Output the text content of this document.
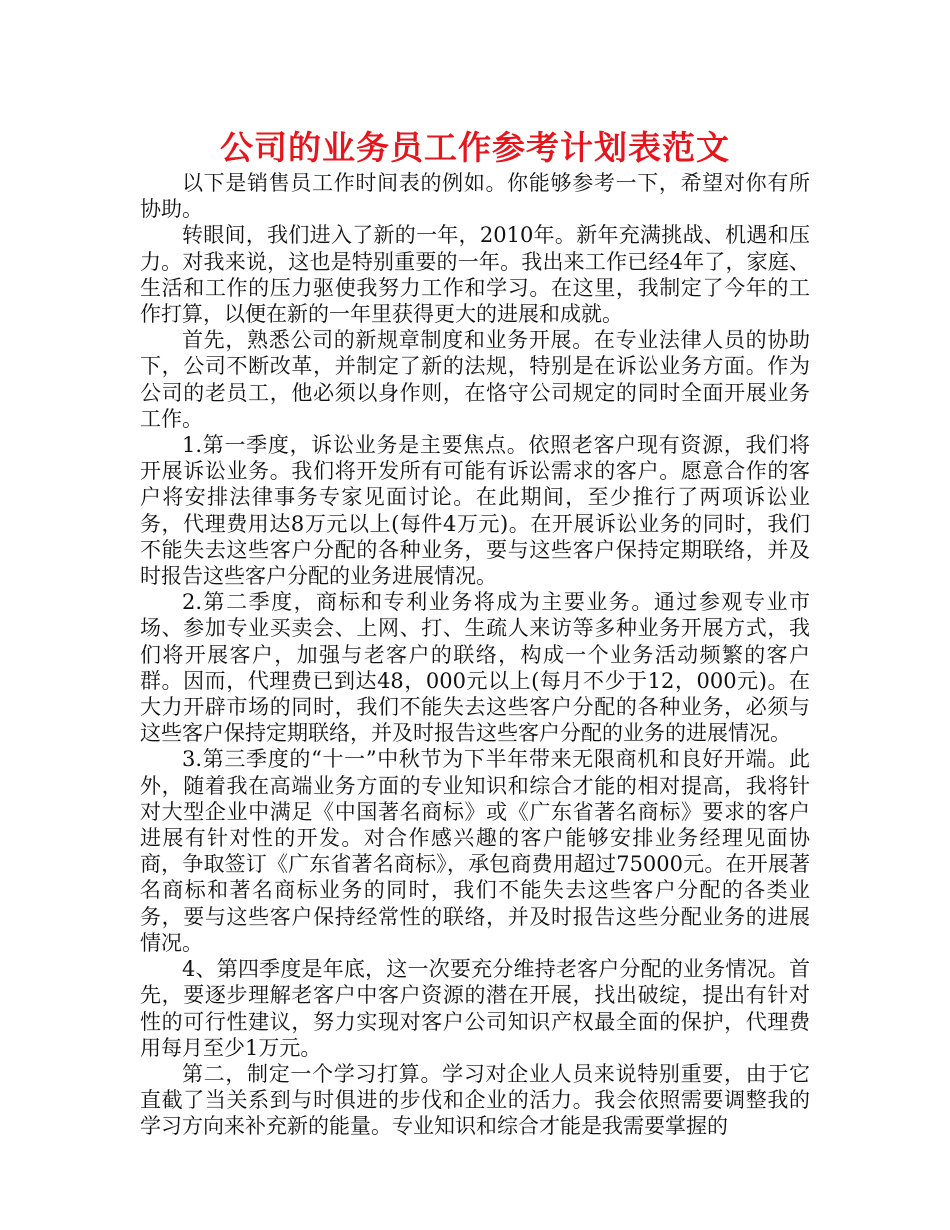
公司的业务员工作参考计划表范文

以下是销售员工作时间表的例如。你能够参考一下，希望对你有所协助。

转眼间，我们进入了新的一年，2010年。新年充满挑战、机遇和压力。对我来说，这也是特别重要的一年。我出来工作已经4年了，家庭、生活和工作的压力驱使我努力工作和学习。在这里，我制定了今年的工作打算，以便在新的一年里获得更大的进展和成就。

首先，熟悉公司的新规章制度和业务开展。在专业法律人员的协助下，公司不断改革，并制定了新的法规，特别是在诉讼业务方面。作为公司的老员工，他必须以身作则，在恪守公司规定的同时全面开展业务工作。

1.第一季度，诉讼业务是主要焦点。依照老客户现有资源，我们将开展诉讼业务。我们将开发所有可能有诉讼需求的客户。愿意合作的客户将安排法律事务专家见面讨论。在此期间，至少推行了两项诉讼业务，代理费用达8万元以上(每件4万元)。在开展诉讼业务的同时，我们不能失去这些客户分配的各种业务，要与这些客户保持定期联络，并及时报告这些客户分配的业务进展情况。

2.第二季度，商标和专利业务将成为主要业务。通过参观专业市场、参加专业买卖会、上网、打、生疏人来访等多种业务开展方式，我们将开展客户，加强与老客户的联络，构成一个业务活动频繁的客户群。因而，代理费已到达48，000元以上(每月不少于12，000元)。在大力开辟市场的同时，我们不能失去这些客户分配的各种业务，必须与这些客户保持定期联络，并及时报告这些客户分配的业务的进展情况。

3.第三季度的“十一”中秋节为下半年带来无限商机和良好开端。此外，随着我在高端业务方面的专业知识和综合才能的相对提高，我将针对大型企业中满足《中国著名商标》或《广东省著名商标》要求的客户进展有针对性的开发。对合作感兴趣的客户能够安排业务经理见面协商，争取签订《广东省著名商标》，承包商费用超过75000元。在开展著名商标和著名商标业务的同时，我们不能失去这些客户分配的各类业务，要与这些客户保持经常性的联络，并及时报告这些分配业务的进展情况。

4、第四季度是年底，这一次要充分维持老客户分配的业务情况。首先，要逐步理解老客户中客户资源的潜在开展，找出破绽，提出有针对性的可行性建议，努力实现对客户公司知识产权最全面的保护，代理费用每月至少1万元。

第二，制定一个学习打算。学习对企业人员来说特别重要，由于它直截了当关系到与时俱进的步伐和企业的活力。我会依照需要调整我的学习方向来补充新的能量。专业知识和综合才能是我需要掌握的
